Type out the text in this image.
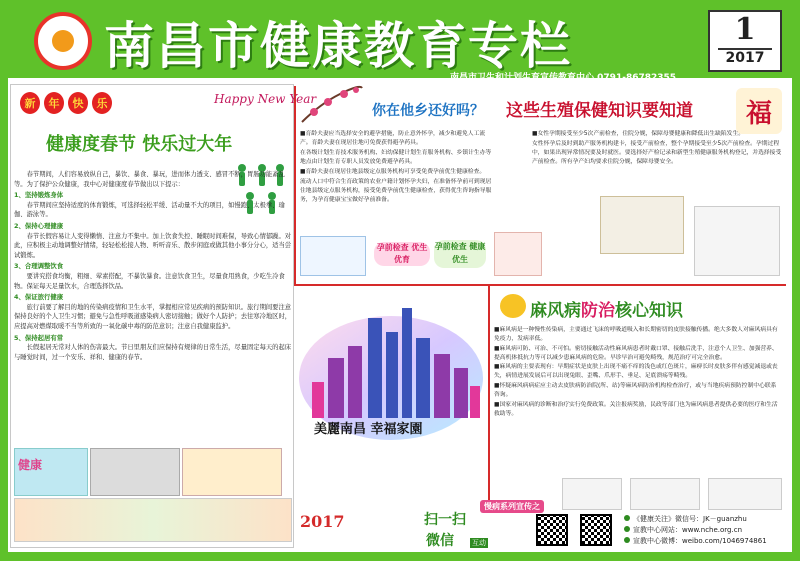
南昌市健康教育专栏	1
2017
新	年	快	乐	Happy New Year
健康度春节 快乐过大年

春节期间，人们容易放纵自己，暴饮、暴食、暴玩，进而体力透支、感冒不断，胃肠功能紊乱等。为了保护公众健康，我中心对健康度春节做出以下提示：

1、坚持锻炼身体

春节期间应坚持适度的体育锻炼，可选择轻松平缓、活动量不大的项目，如慢跑、太极拳、瑜伽、游泳等。

2、保持心理健康

春节长假容易让人变得懒惰、注意力不集中。加上饮食失控、睡眠时间难保，导致心情郁躁。对此，应积极主动地调整好情绪，轻轻松松接人物、听听音乐、散步闲庭或做其他小事分分心，适当尝试锻炼。

3、合理调整饮食

要讲究搭食均衡，粗细、荤素搭配，不暴饮暴食。注意饮食卫生，尽量食用熟食，少吃生冷食物。保证每天足量饮水，合理选择饮品。

4、保证旅行健康

旅行前要了解目的地的传染病疫情和卫生水平，掌握相应常见疾病的预防知识。旅行期间要注意保持良好的个人卫生习惯；避免与急性呼吸道感染病人密切接触；做好个人防护；去往寒冷地区时，应提高对燃煤取暖不当等所致的一氧化碳中毒的防范意识；注意自我健康监护。

5、保持起居有常

长假起居无常对人体的伤害最大。节日里朋友们应保持有规律的日常生活，尽量固定每天的起床与睡觉时间，过一个安乐、祥和、健康的春节。

健康
你在他乡还好吗？ 这些生殖保健知识要知道	福

■育龄夫妻应当选择安全的避孕措施，防止意外怀孕，减少和避免人工流产。育龄夫妻在现居住地可免费获得避孕药具。

在各级计划生育技术服务机构、妇幼保健计划生育服务机构、乡镇计生办等地点由计划生育专职人员发放免费避孕药具。

■育龄夫妻在现居住地县级定点服务机构可享受免费孕前优生健康检查。

流动人口中符合生育政策的农业户籍计划怀孕夫妇，在准备怀孕前可到现居住地县级定点服务机构，接受免费孕前优生健康检查，获得优生咨询指导服务，为孕育健康宝宝做好孕前准备。

■女性孕期接受至少5次产前检查，住院分娩，保障母婴健康和降低出生缺陷发生。

女性怀孕后及时到助产服务机构建卡，接受产前检查，整个孕期接受至少5次产前检查。孕期过程中，如果出现异常情况要及时就医。要选择好产检记录和新型生殖健康服务机构登记，并选择接受产前检查。所有孕产妇均要求住院分娩，保障母婴安全。

孕前检查 优生优育
孕前检查 健康优生
美麗南昌 幸福家園
麻风病防治核心知识

■麻风病是一种慢性传染病，主要通过飞沫的呼吸道吸入和长期密切的皮肤接触传播。绝大多数人对麻风病具有免疫力，发病率低。

■麻风病可防、可治、不可怕。密切接触活动性麻风病患者时戴口罩、接触后洗手，注意个人卫生、加强营养、提高机体抵抗力等可以减少患麻风病的危险。早诊早治可避免畸残，规范治疗可完全治愈。

■麻风病的主要表现有：早期症状是皮肤上出现不痛不痒的浅色或红色斑片，麻痹长时皮肤多伴有感觉减退或丧失，病情进展发展后可以出现兔眼、歪嘴、爪形手、垂足、足底溃疡等畸残。

■怀疑麻风病病症应主动去皮肤病防治院(所、站)等麻风病防治机构检查治疗，或与当地疾病预防控制中心联系咨询。

■国家对麻风病的诊断和治疗实行免费政策。关注报病奖励，民政等部门也为麻风病患者提供必要的医疗和生活救助等。

慢病系列宣传之
2017	扫一扫
微信	互动
《健康关注》微信号：JK－guanzhu
宣教中心网站：www.nche.org.cn
宣教中心微博：weibo.com/1046974861
